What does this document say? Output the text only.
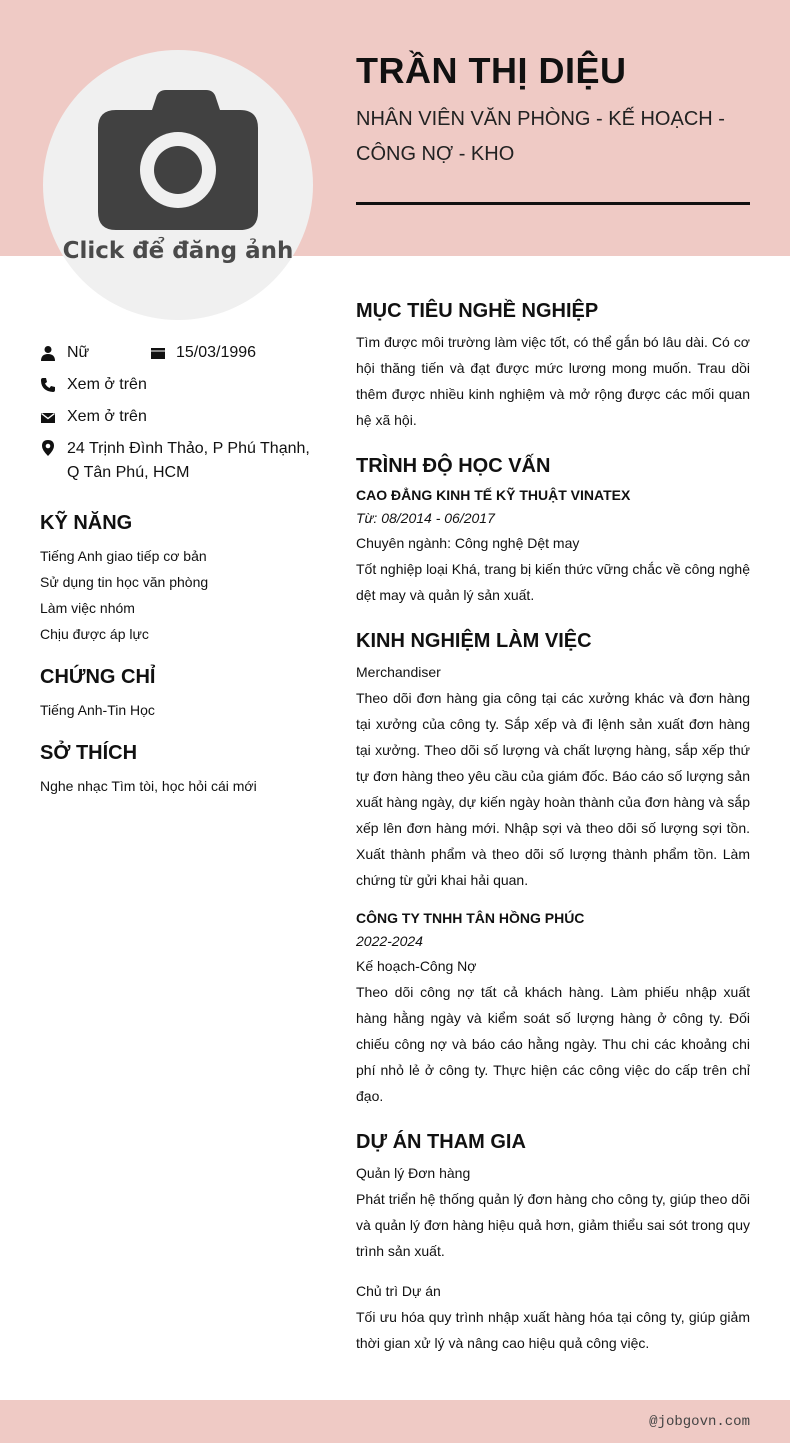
Click để đăng ảnh
TRẦN THỊ DIỆU
NHÂN VIÊN VĂN PHÒNG - KẾ HOẠCH - CÔNG NỢ - KHO
Nữ	15/03/1996
Xem ở trên
Xem ở trên
24 Trịnh Đình Thảo, P Phú Thạnh, Q Tân Phú, HCM
KỸ NĂNG
Tiếng Anh giao tiếp cơ bản
Sử dụng tin học văn phòng
Làm việc nhóm
Chịu được áp lực
CHỨNG CHỈ
Tiếng Anh-Tin Học
SỞ THÍCH
Nghe nhạc Tìm tòi, học hỏi cái mới
MỤC TIÊU NGHỀ NGHIỆP
Tìm được môi trường làm việc tốt, có thể gắn bó lâu dài. Có cơ hội thăng tiến và đạt được mức lương mong muốn. Trau dồi thêm được nhiều kinh nghiệm và mở rộng được các mối quan hệ xã hội.
TRÌNH ĐỘ HỌC VẤN
CAO ĐẲNG KINH TẾ KỸ THUẬT VINATEX
Từ: 08/2014 - 06/2017
Chuyên ngành: Công nghệ Dệt may
Tốt nghiệp loại Khá, trang bị kiến thức vững chắc về công nghệ dệt may và quản lý sản xuất.
KINH NGHIỆM LÀM VIỆC
Merchandiser
Theo dõi đơn hàng gia công tại các xưởng khác và đơn hàng tại xưởng của công ty. Sắp xếp và đi lệnh sản xuất đơn hàng tại xưởng. Theo dõi số lượng và chất lượng hàng, sắp xếp thứ tự đơn hàng theo yêu cầu của giám đốc. Báo cáo số lượng sản xuất hàng ngày, dự kiến ngày hoàn thành của đơn hàng và sắp xếp lên đơn hàng mới. Nhập sợi và theo dõi số lượng sợi tồn. Xuất thành phẩm và theo dõi số lượng thành phẩm tồn. Làm chứng từ gửi khai hải quan.
CÔNG TY TNHH TÂN HỒNG PHÚC
2022-2024
Kế hoạch-Công Nợ
Theo dõi công nợ tất cả khách hàng. Làm phiếu nhập xuất hàng hằng ngày và kiểm soát số lượng hàng ở công ty. Đối chiếu công nợ và báo cáo hằng ngày. Thu chi các khoảng chi phí nhỏ lẻ ở công ty. Thực hiện các công việc do cấp trên chỉ đạo.
DỰ ÁN THAM GIA
Quản lý Đơn hàng
Phát triển hệ thống quản lý đơn hàng cho công ty, giúp theo dõi và quản lý đơn hàng hiệu quả hơn, giảm thiểu sai sót trong quy trình sản xuất.
Chủ trì Dự án
Tối ưu hóa quy trình nhập xuất hàng hóa tại công ty, giúp giảm thời gian xử lý và nâng cao hiệu quả công việc.
@jobgovn.com
